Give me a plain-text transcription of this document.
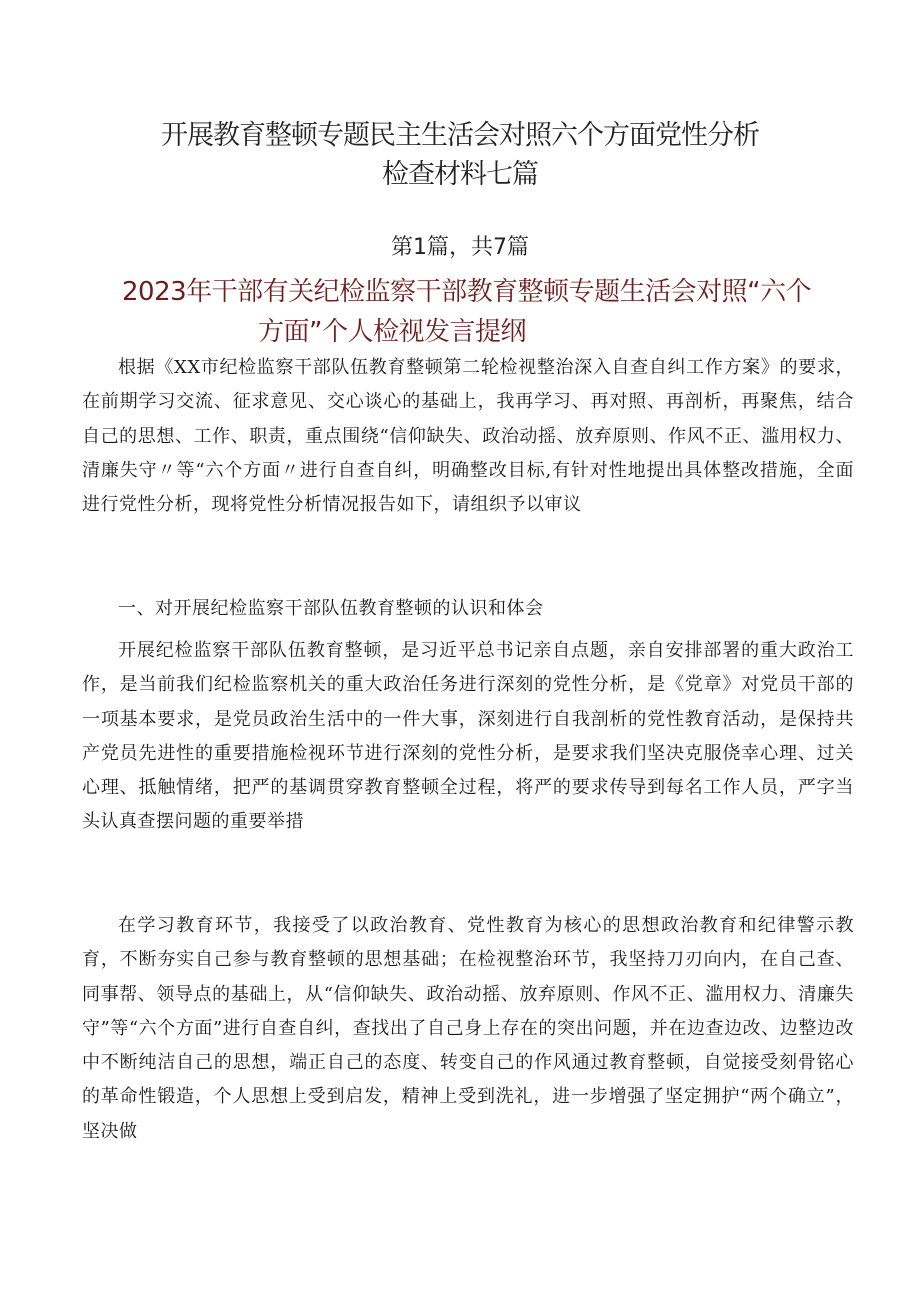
开展教育整顿专题民主生活会对照六个方面党性分析
检查材料七篇
第1篇，共7篇
2023年干部有关纪检监察干部教育整顿专题生活会对照“六个
方面”个人检视发言提纲

根据《XX市纪检监察干部队伍教育整顿第二轮检视整治深入自查自纠工作方案》的要求，在前期学习交流、征求意见、交心谈心的基础上，我再学习、再对照、再剖析，再聚焦，结合自己的思想、工作、职责，重点围绕“信仰缺失、政治动摇、放弃原则、作风不正、滥用权力、清廉失守〃等“六个方面〃进行自查自纠，明确整改目标,有针对性地提出具体整改措施，全面进行党性分析，现将党性分析情况报告如下，请组织予以审议

一、对开展纪检监察干部队伍教育整顿的认识和体会

开展纪检监察干部队伍教育整顿，是习近平总书记亲自点题，亲自安排部署的重大政治工作，是当前我们纪检监察机关的重大政治任务进行深刻的党性分析，是《党章》对党员干部的一项基本要求，是党员政治生活中的一件大事，深刻进行自我剖析的党性教育活动，是保持共产党员先进性的重要措施检视环节进行深刻的党性分析，是要求我们坚决克服侥幸心理、过关心理、抵触情绪，把严的基调贯穿教育整顿全过程，将严的要求传导到每名工作人员，严字当头认真查摆问题的重要举措

在学习教育环节，我接受了以政治教育、党性教育为核心的思想政治教育和纪律警示教育，不断夯实自己参与教育整顿的思想基础；在检视整治环节，我坚持刀刃向内，在自己查、同事帮、领导点的基础上，从“信仰缺失、政治动摇、放弃原则、作风不正、滥用权力、清廉失守”等“六个方面”进行自查自纠，查找出了自己身上存在的突出问题，并在边查边改、边整边改中不断纯洁自己的思想，端正自己的态度、转变自己的作风通过教育整顿，自觉接受刻骨铭心的革命性锻造，个人思想上受到启发，精神上受到洗礼，进一步增强了坚定拥护“两个确立”，坚决做
